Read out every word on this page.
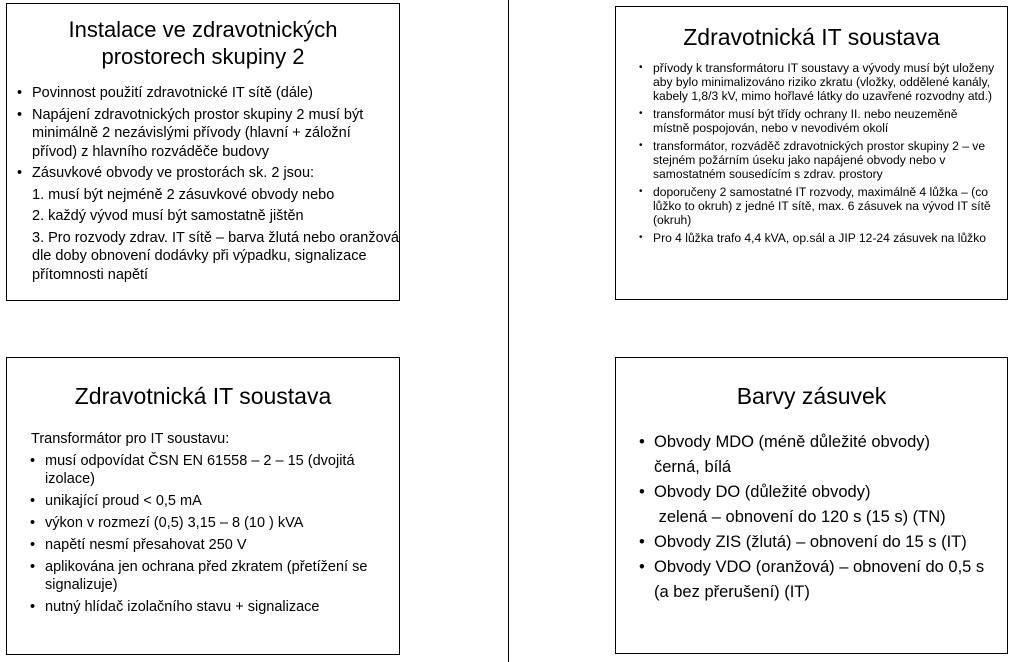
Instalace ve zdravotnických
prostorech skupiny 2
• Povinnost použití zdravotnické IT sítě (dále)
• Napájení zdravotnických prostor skupiny 2 musí být minimálně 2 nezávislými přívody (hlavní + záložní přívod) z hlavního rozváděče budovy
• Zásuvkové obvody ve prostorách sk. 2 jsou:
1. musí být nejméně 2 zásuvkové obvody nebo
2. každý vývod musí být samostatně jištěn
3. Pro rozvody zdrav. IT sítě – barva žlutá nebo oranžová dle doby obnovení dodávky při výpadku, signalizace přítomnosti napětí
Zdravotnická IT soustava
• přívody k transformátoru IT soustavy a vývody musí být uloženy aby bylo minimalizováno riziko zkratu (vložky, oddělené kanály, kabely 1,8/3 kV, mimo hořlavé látky do uzavřené rozvodny atd.)
• transformátor musí být třídy ochrany II. nebo neuzeměně místně pospojován, nebo v nevodivém okolí
• transformátor, rozváděč zdravotnických prostor skupiny 2 – ve stejném požárním úseku jako napájené obvody nebo v samostatném sousedícím s zdrav. prostory
• doporučeny 2 samostatné IT rozvody, maximálně 4 lůžka – (co lůžko to okruh) z jedné IT sítě, max. 6 zásuvek na vývod IT sítě (okruh)
• Pro 4 lůžka trafo 4,4 kVA, op.sál a JIP 12-24 zásuvek na lůžko
Zdravotnická IT soustava
Transformátor pro IT soustavu:
• musí odpovídat ČSN EN 61558 – 2 – 15 (dvojitá izolace)
• unikající proud < 0,5 mA
• výkon v rozmezí (0,5) 3,15 – 8 (10 ) kVA
• napětí nesmí přesahovat 250 V
• aplikována jen ochrana před zkratem (přetížení se signalizuje)
• nutný hlídač izolačního stavu + signalizace
Barvy zásuvek
• Obvody MDO (méně důležité obvody)
černá, bílá
• Obvody DO (důležité obvody)
zelená – obnovení do 120 s (15 s) (TN)
• Obvody ZIS (žlutá) – obnovení do 15 s (IT)
• Obvody VDO (oranžová) – obnovení do 0,5 s (a bez přerušení) (IT)
